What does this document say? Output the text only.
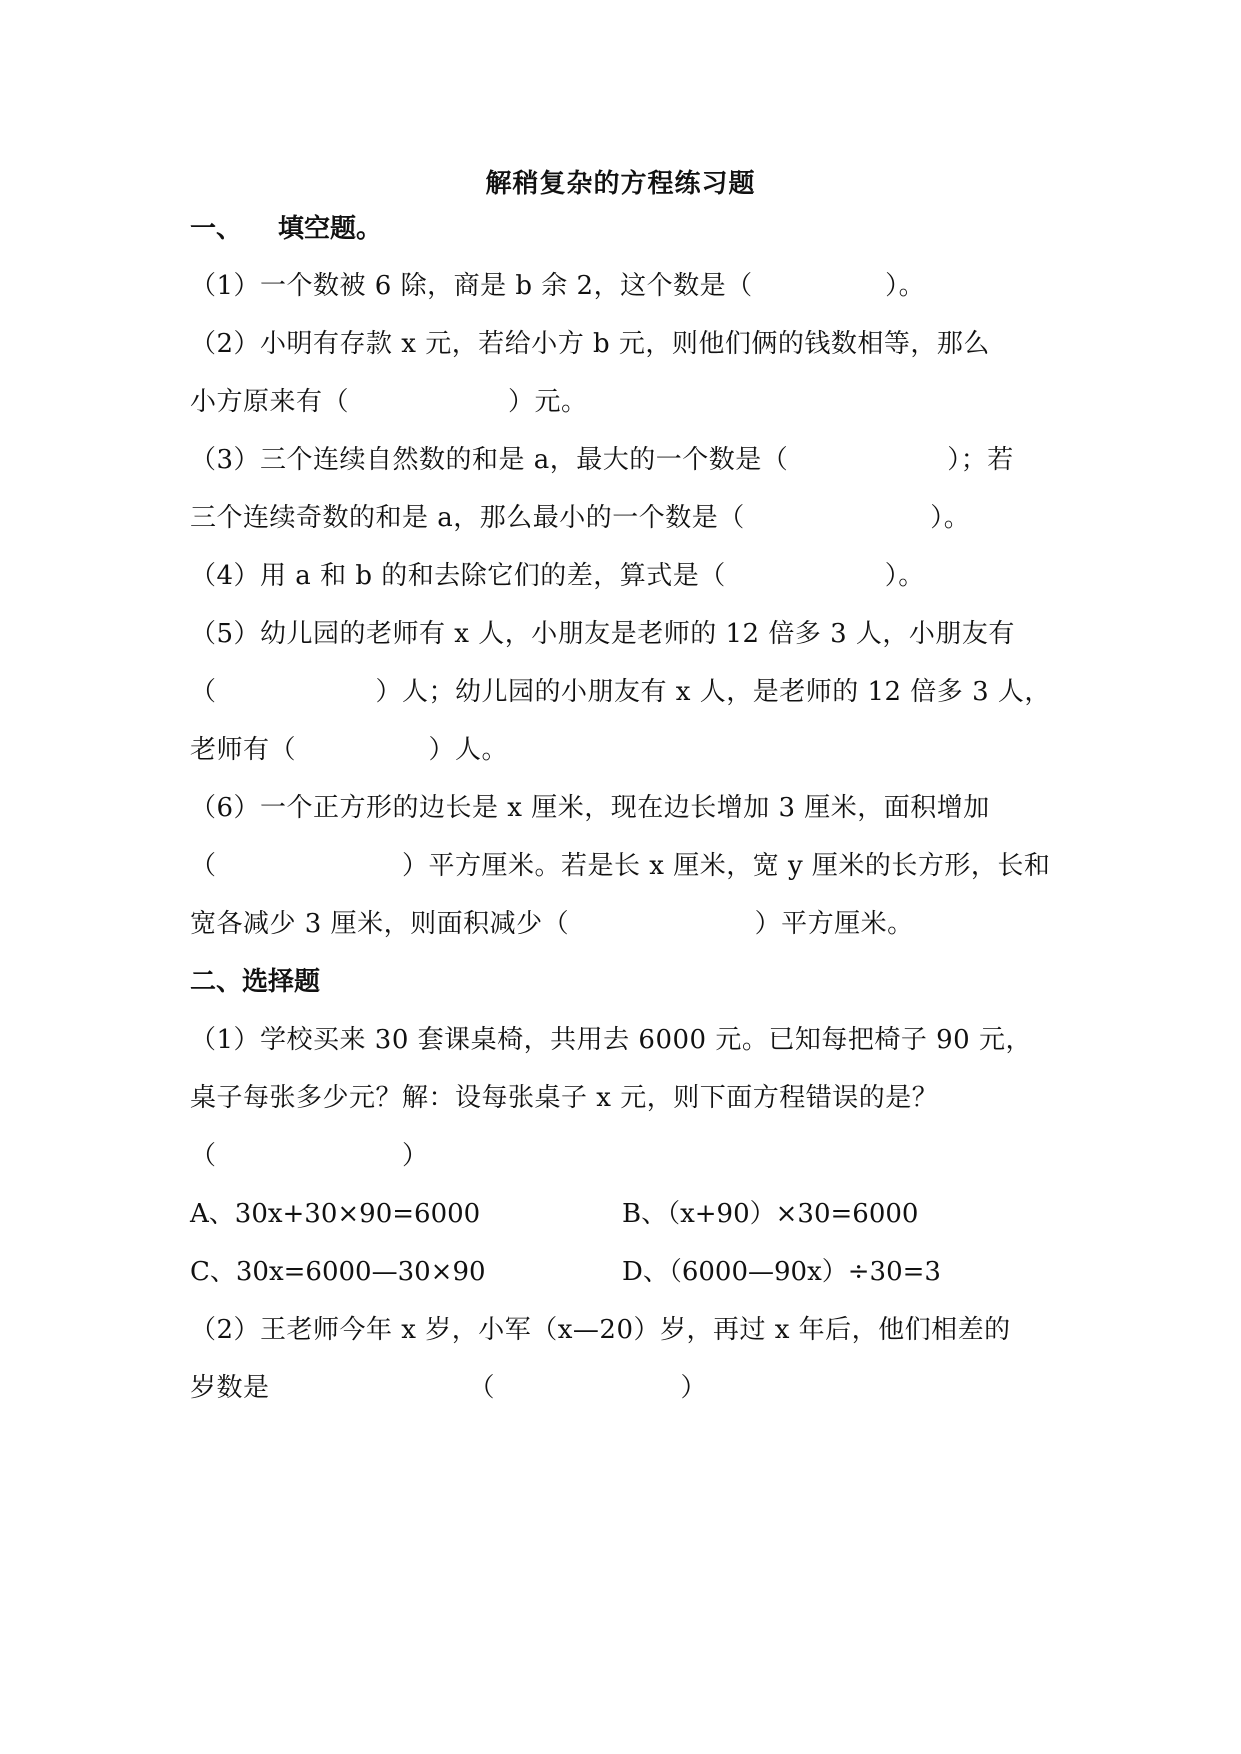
解稍复杂的方程练习题
一、 填空题。
（1）一个数被 6 除，商是 b 余 2，这个数是（　　　　　）。
（2）小明有存款 x 元，若给小方 b 元，则他们俩的钱数相等，那么
小方原来有（　　　　　　）元。
（3）三个连续自然数的和是 a，最大的一个数是（　　　　　　）；若
三个连续奇数的和是 a，那么最小的一个数是（　　　　　　　）。
（4）用 a 和 b 的和去除它们的差，算式是（　　　　　　）。
（5）幼儿园的老师有 x 人，小朋友是老师的 12 倍多 3 人，小朋友有
（　　　　　　）人；幼儿园的小朋友有 x 人，是老师的 12 倍多 3 人，
老师有（　　　　　）人。
（6）一个正方形的边长是 x 厘米，现在边长增加 3 厘米，面积增加
（　　　　　　　）平方厘米。若是长 x 厘米，宽 y 厘米的长方形，长和
宽各减少 3 厘米，则面积减少（　　　　　　　）平方厘米。
二、选择题
（1）学校买来 30 套课桌椅，共用去 6000 元。已知每把椅子 90 元，
桌子每张多少元？解：设每张桌子 x 元，则下面方程错误的是？
（　　　　　　　）
A、30x+30×90=6000	B、（x+90）×30=6000
C、30x=6000—30×90	D、（6000—90x）÷30=3
（2）王老师今年 x 岁，小军（x—20）岁，再过 x 年后，他们相差的
岁数是　　　　　　　　（　　　　　　　）
